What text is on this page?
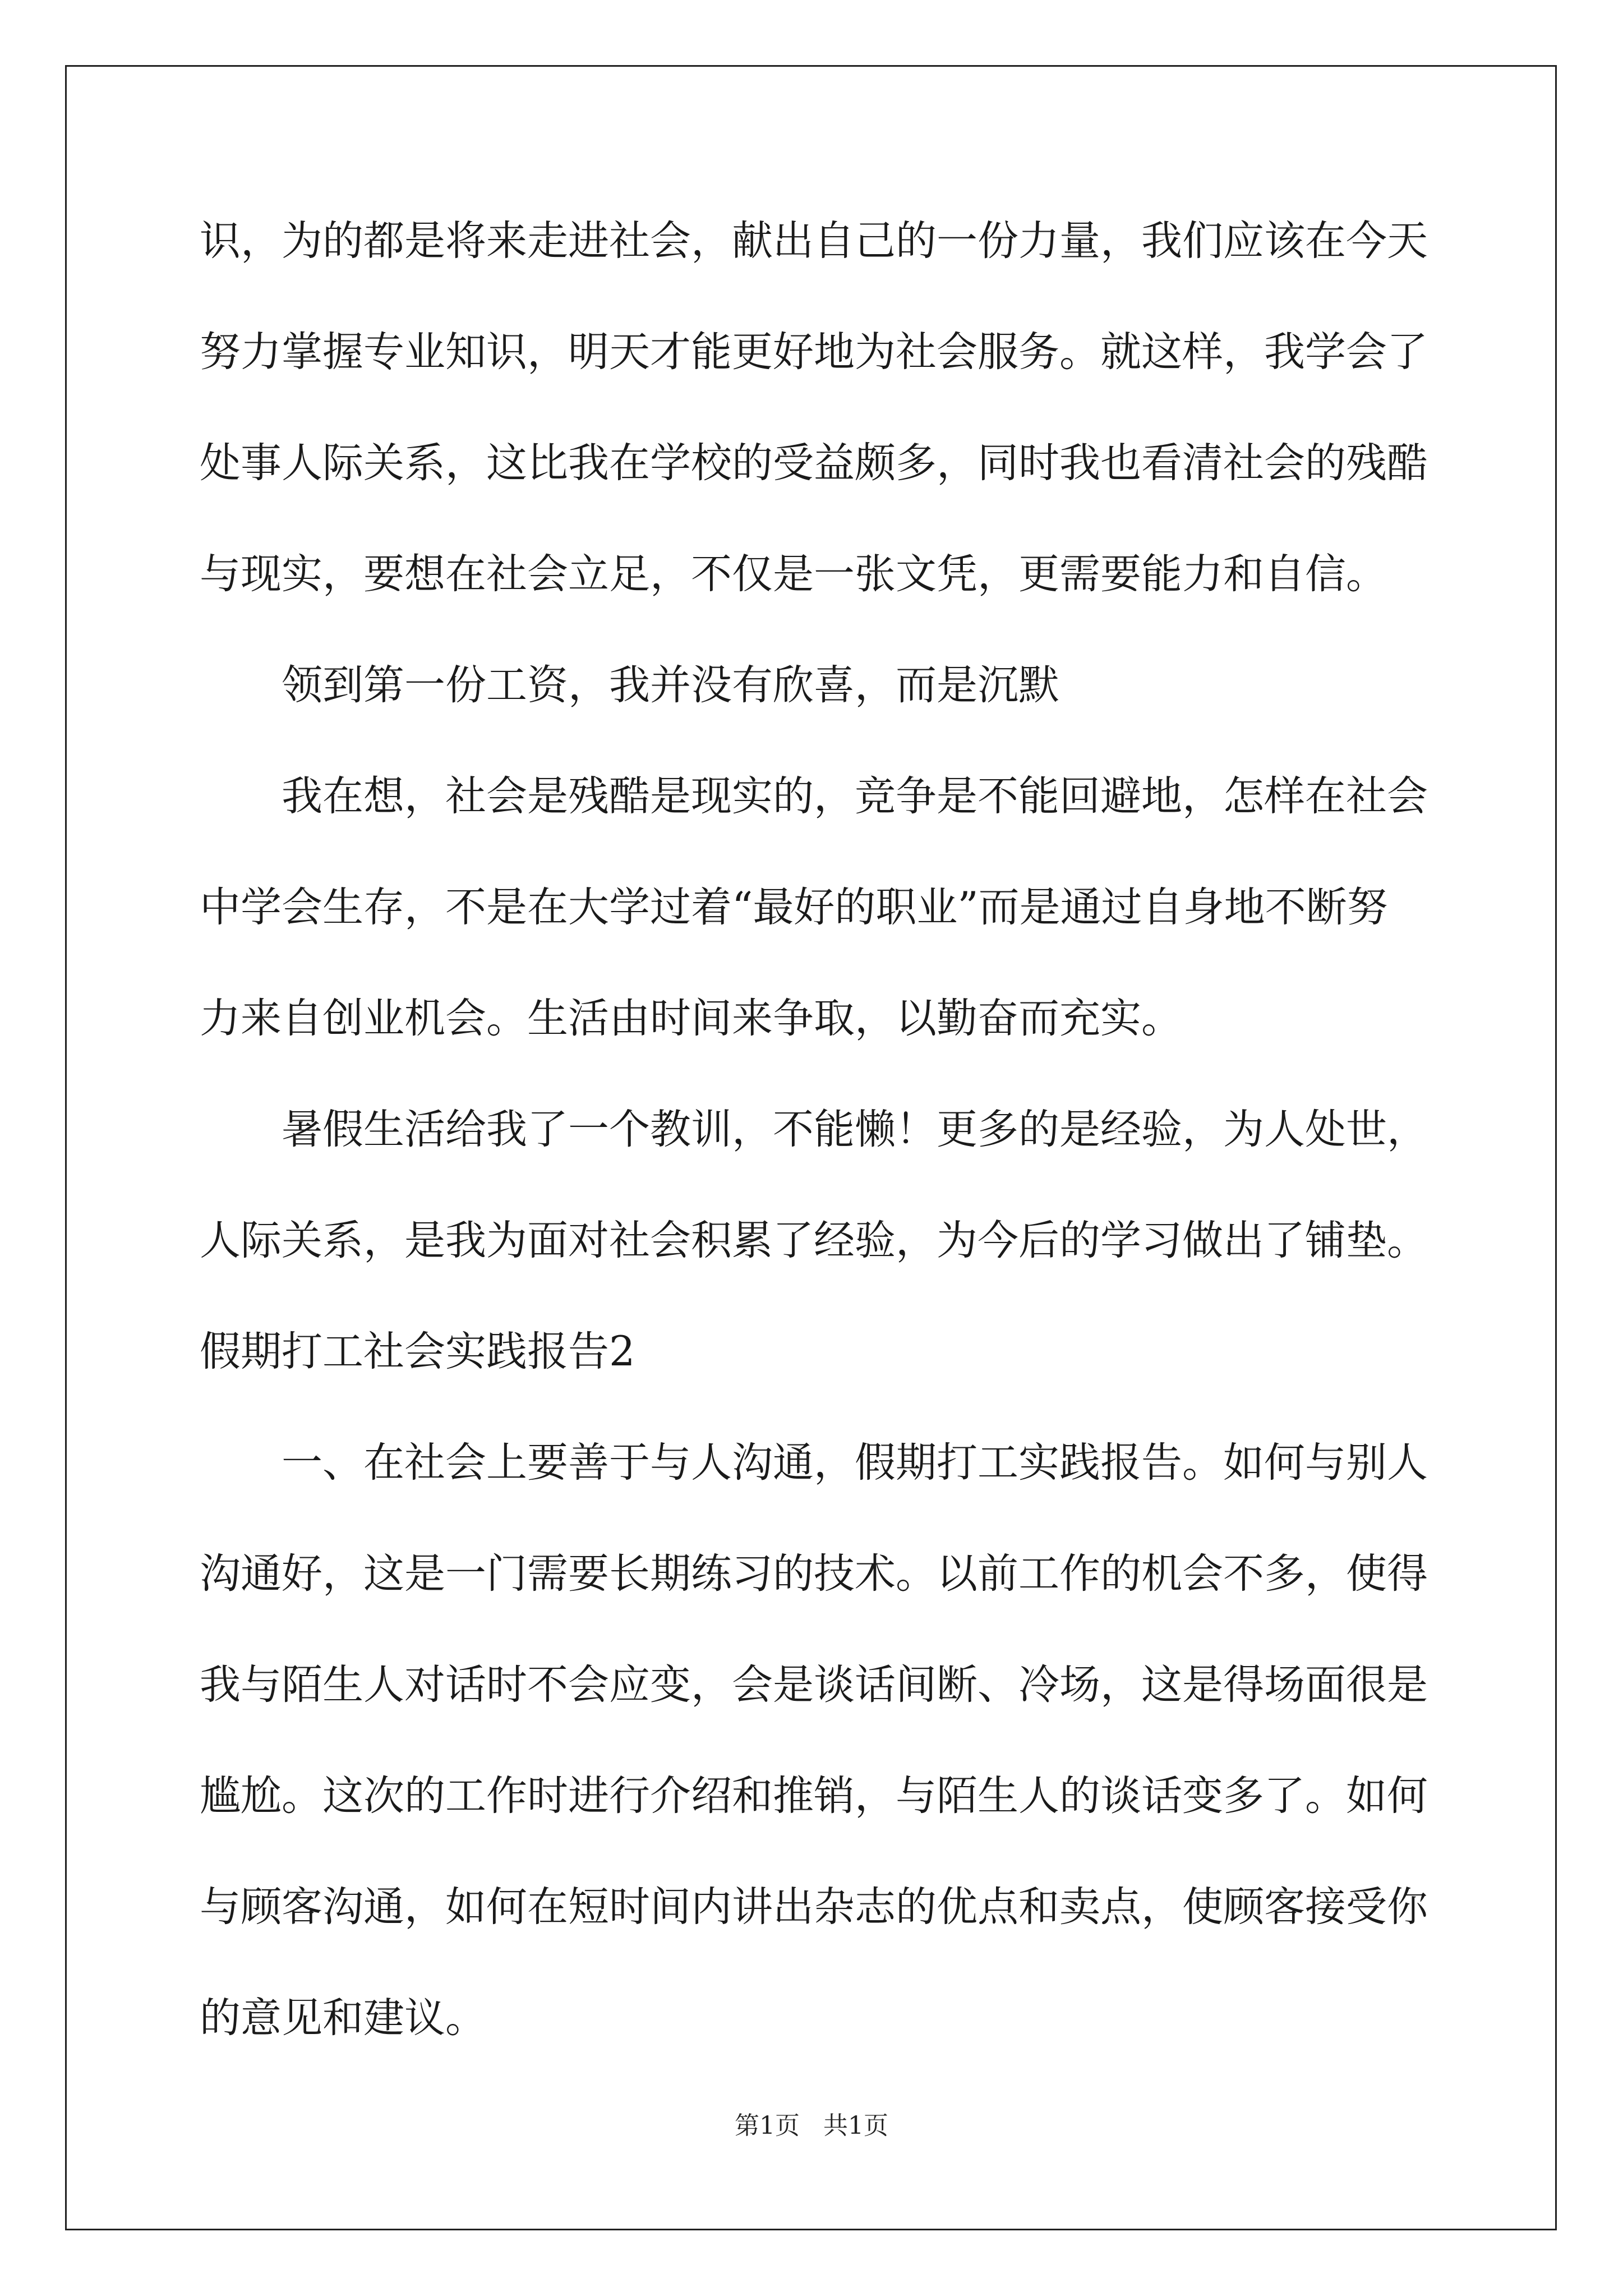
识，为的都是将来走进社会，献出自己的一份力量，我们应该在今天
努力掌握专业知识，明天才能更好地为社会服务。就这样，我学会了
处事人际关系，这比我在学校的受益颇多，同时我也看清社会的残酷
与现实，要想在社会立足，不仅是一张文凭，更需要能力和自信。
领到第一份工资，我并没有欣喜，而是沉默
我在想，社会是残酷是现实的，竞争是不能回避地，怎样在社会
中学会生存，不是在大学过着“最好的职业”而是通过自身地不断努
力来自创业机会。生活由时间来争取，以勤奋而充实。
暑假生活给我了一个教训，不能懒！更多的是经验，为人处世，
人际关系，是我为面对社会积累了经验，为今后的学习做出了铺垫。
假期打工社会实践报告2
一、在社会上要善于与人沟通，假期打工实践报告。如何与别人
沟通好，这是一门需要长期练习的技术。以前工作的机会不多，使得
我与陌生人对话时不会应变，会是谈话间断、冷场，这是得场面很是
尴尬。这次的工作时进行介绍和推销，与陌生人的谈话变多了。如何
与顾客沟通，如何在短时间内讲出杂志的优点和卖点，使顾客接受你
的意见和建议。
第1页   共1页
